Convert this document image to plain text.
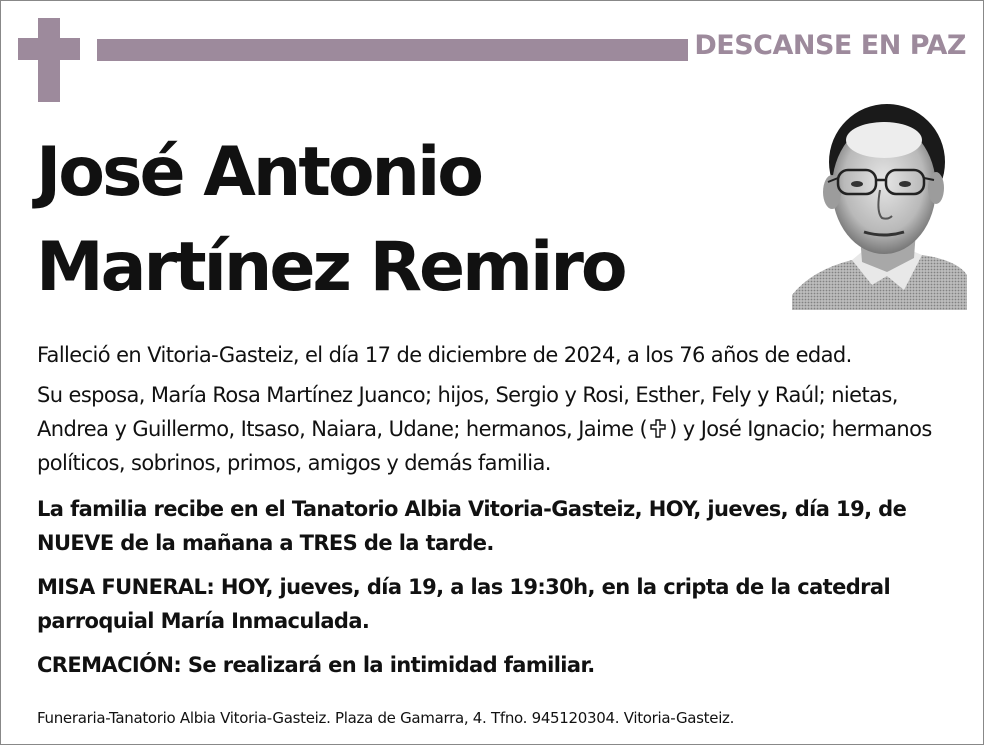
DESCANSE EN PAZ
José Antonio
Martínez Remiro
Falleció en Vitoria-Gasteiz, el día 17 de diciembre de 2024, a los 76 años de edad.
Su esposa, María Rosa Martínez Juanco; hijos, Sergio y Rosi, Esther, Fely y Raúl; nietas, Andrea y Guillermo, Itsaso, Naiara, Udane; hermanos, Jaime ( ) y José Ignacio; hermanos políticos, sobrinos, primos, amigos y demás familia.
La familia recibe en el Tanatorio Albia Vitoria-Gasteiz, HOY, jueves, día 19, de NUEVE de la mañana a TRES de la tarde.
MISA FUNERAL: HOY, jueves, día 19, a las 19:30h, en la cripta de la catedral parroquial María Inmaculada.
CREMACIÓN: Se realizará en la intimidad familiar.
Funeraria-Tanatorio Albia Vitoria-Gasteiz. Plaza de Gamarra, 4. Tfno. 945120304. Vitoria-Gasteiz.
